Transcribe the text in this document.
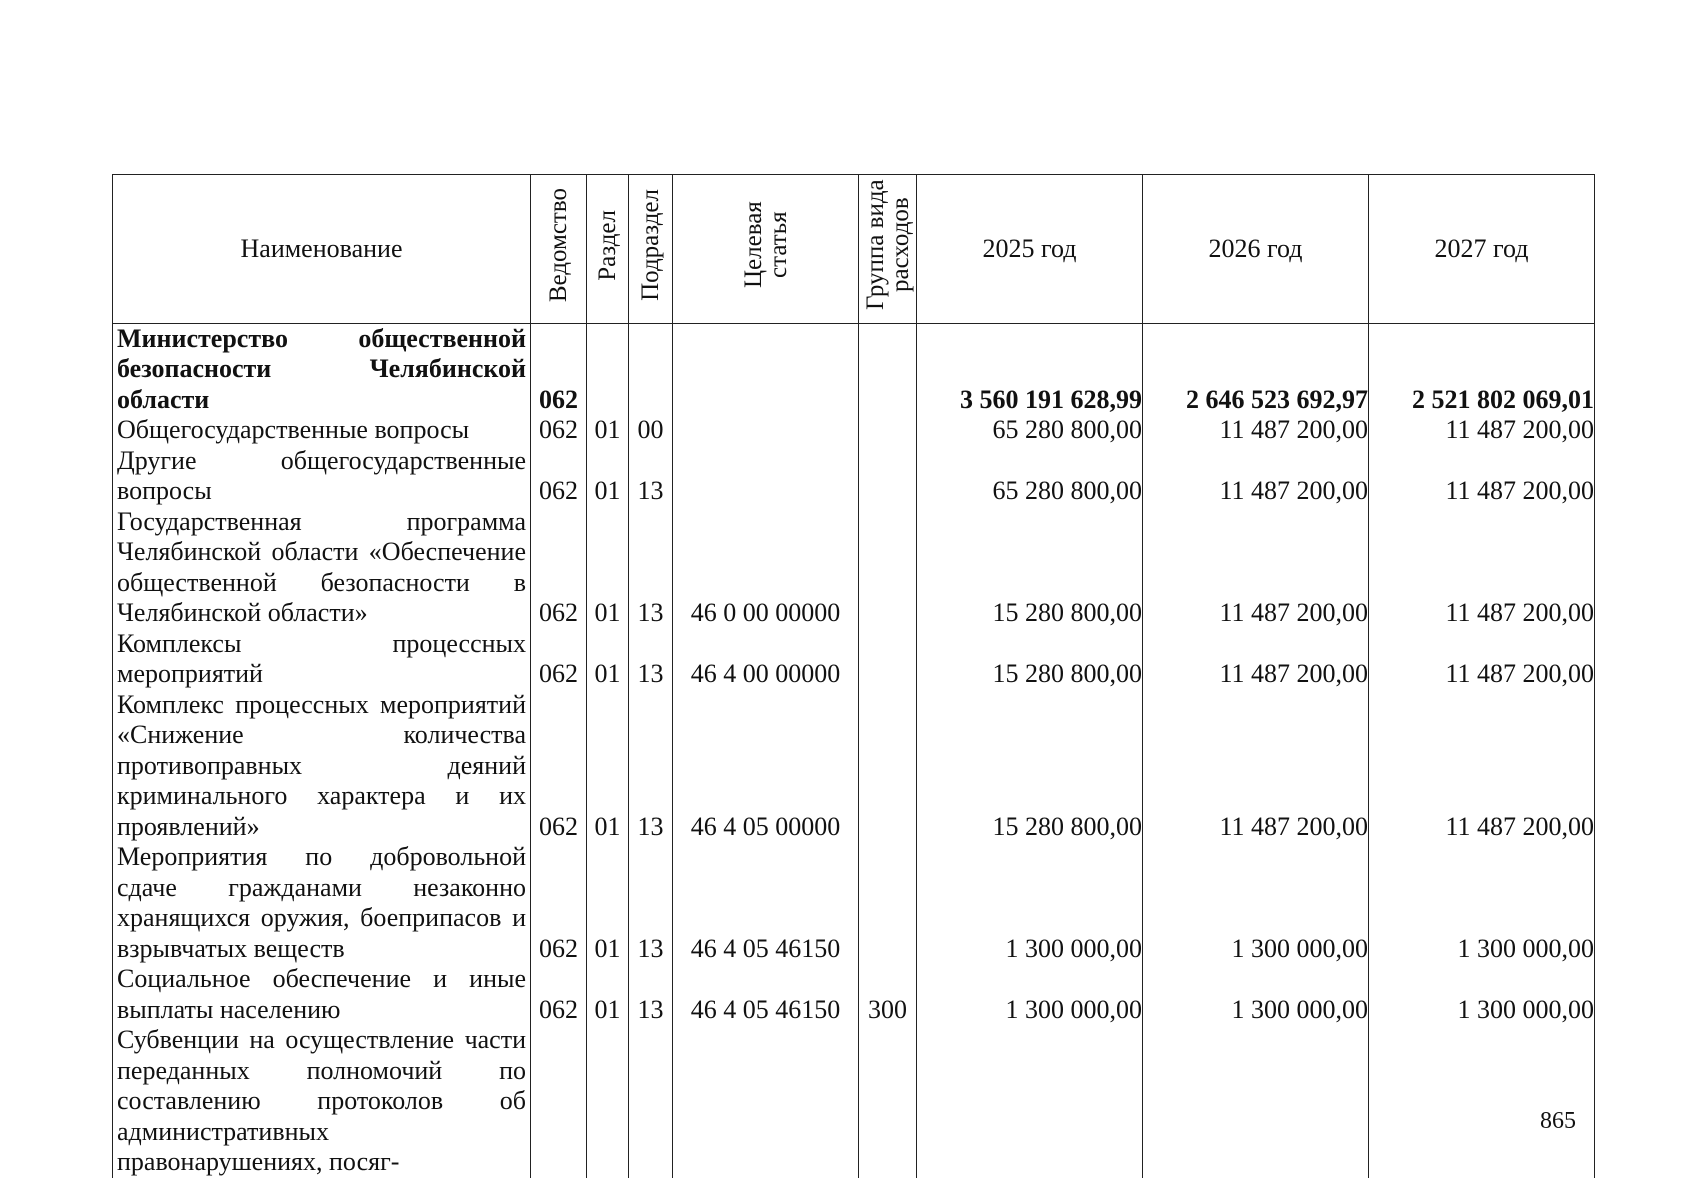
Наименование	Ведомство	Раздел	Подраздел	Целевая статья	Группа вида расходов	2025 год	2026 год	2027 год
Министерство общественной безопасности Челябинской области	062					3 560 191 628,99	2 646 523 692,97	2 521 802 069,01
Общегосударственные вопросы	062	01	00			65 280 800,00	11 487 200,00	11 487 200,00
Другие общегосударственные вопросы	062	01	13			65 280 800,00	11 487 200,00	11 487 200,00
Государственная программа Челябинской области «Обеспечение общественной безопасности в Челябинской области»	062	01	13	46 0 00 00000		15 280 800,00	11 487 200,00	11 487 200,00
Комплексы процессных мероприятий	062	01	13	46 4 00 00000		15 280 800,00	11 487 200,00	11 487 200,00
Комплекс процессных мероприятий «Снижение количества противоправных деяний криминального характера и их проявлений»	062	01	13	46 4 05 00000		15 280 800,00	11 487 200,00	11 487 200,00
Мероприятия по добровольной сдаче гражданами незаконно хранящихся оружия, боеприпасов и взрывчатых веществ	062	01	13	46 4 05 46150		1 300 000,00	1 300 000,00	1 300 000,00
Социальное обеспечение и иные выплаты населению	062	01	13	46 4 05 46150	300	1 300 000,00	1 300 000,00	1 300 000,00
Субвенции на осуществление части переданных полномочий по составлению протоколов об административных правонарушениях, посяг-								
865
